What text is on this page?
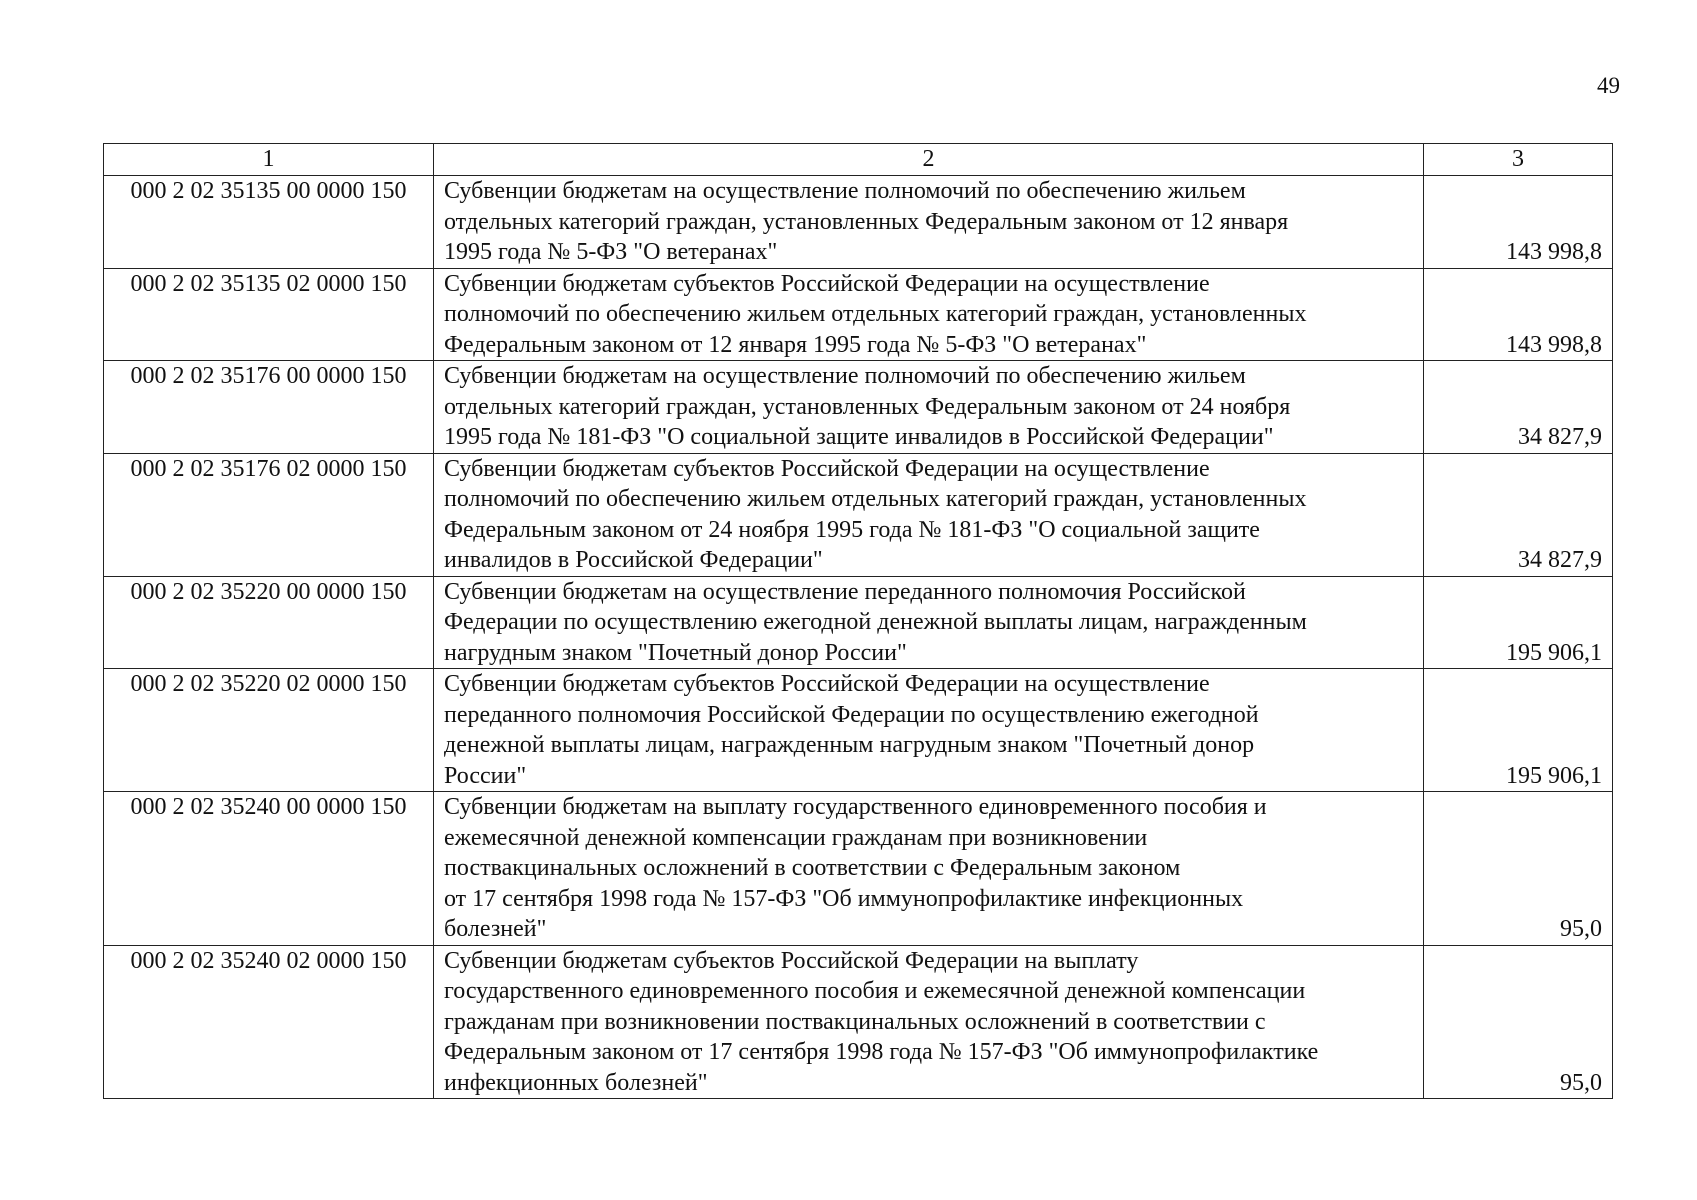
49
1	2	3
000 2 02 35135 00 0000 150	Субвенции бюджетам на осуществление полномочий по обеспечению жильем
отдельных категорий граждан, установленных Федеральным законом от 12 января
1995 года № 5-ФЗ "О ветеранах"	143 998,8
000 2 02 35135 02 0000 150	Субвенции бюджетам субъектов Российской Федерации на осуществление
полномочий по обеспечению жильем отдельных категорий граждан, установленных
Федеральным законом от 12 января 1995 года № 5-ФЗ "О ветеранах"	143 998,8
000 2 02 35176 00 0000 150	Субвенции бюджетам на осуществление полномочий по обеспечению жильем
отдельных категорий граждан, установленных Федеральным законом от 24 ноября
1995 года № 181-ФЗ "О социальной защите инвалидов в Российской Федерации"	34 827,9
000 2 02 35176 02 0000 150	Субвенции бюджетам субъектов Российской Федерации на осуществление
полномочий по обеспечению жильем отдельных категорий граждан, установленных
Федеральным законом от 24 ноября 1995 года № 181-ФЗ "О социальной защите
инвалидов в Российской Федерации"	34 827,9
000 2 02 35220 00 0000 150	Субвенции бюджетам на осуществление переданного полномочия Российской
Федерации по осуществлению ежегодной денежной выплаты лицам, награжденным
нагрудным знаком "Почетный донор России"	195 906,1
000 2 02 35220 02 0000 150	Субвенции бюджетам субъектов Российской Федерации на осуществление
переданного полномочия Российской Федерации по осуществлению ежегодной
денежной выплаты лицам, награжденным нагрудным знаком "Почетный донор
России"	195 906,1
000 2 02 35240 00 0000 150	Субвенции бюджетам на выплату государственного единовременного пособия и
ежемесячной денежной компенсации гражданам при возникновении
поствакцинальных осложнений в соответствии с Федеральным законом
от 17 сентября 1998 года № 157-ФЗ "Об иммунопрофилактике инфекционных
болезней"	95,0
000 2 02 35240 02 0000 150	Субвенции бюджетам субъектов Российской Федерации на выплату
государственного единовременного пособия и ежемесячной денежной компенсации
гражданам при возникновении поствакцинальных осложнений в соответствии с
Федеральным законом от 17 сентября 1998 года № 157-ФЗ "Об иммунопрофилактике
инфекционных болезней"	95,0
